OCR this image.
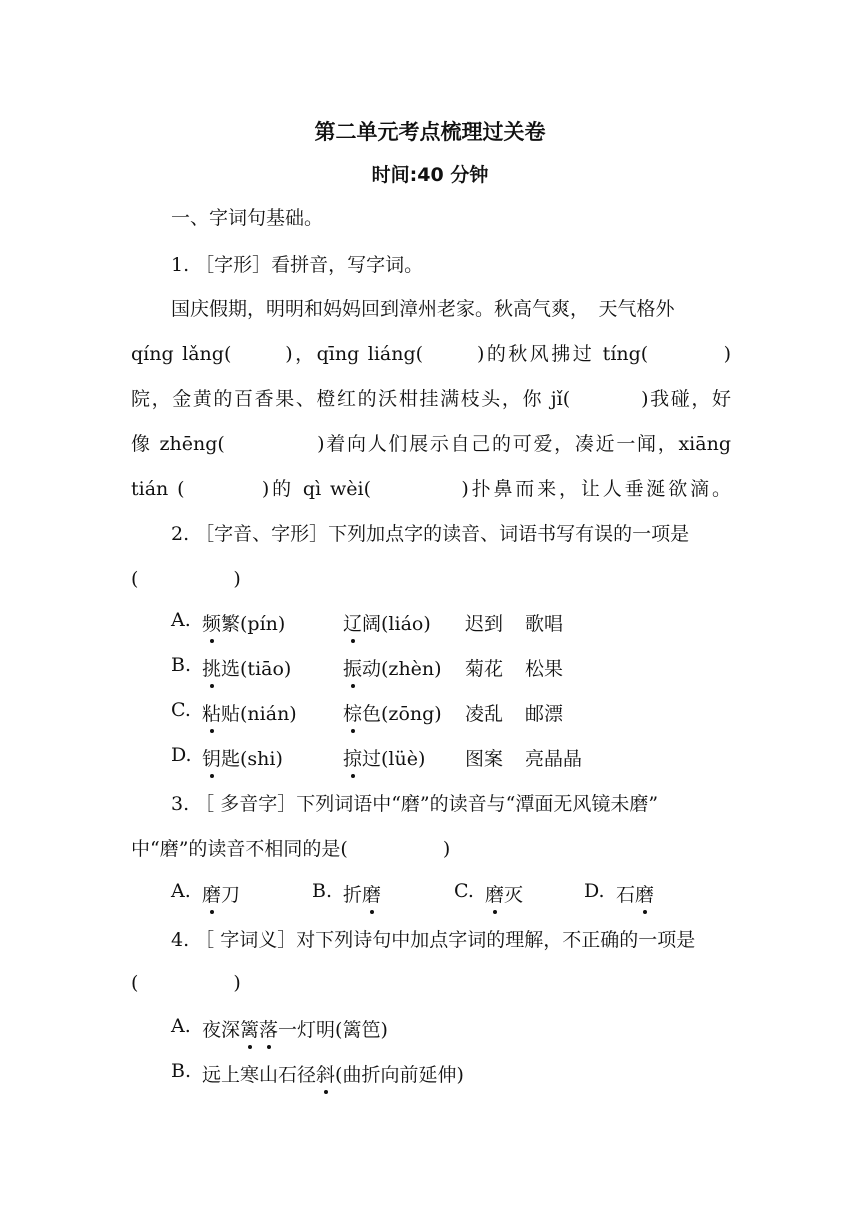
第二单元考点梳理过关卷
时间:40 分钟
一、字词句基础。
1. ［字形］看拼音，写字词。
国庆假期，明明和妈妈回到漳州老家。秋高气爽，　天气格外
qíng lǎng(　　 )，qīng liáng(　　 )的秋风拂过 tíng(　　　 )
院，金黄的百香果、橙红的沃柑挂满枝头，你 jǐ(　　　 )我碰，好
像 zhēng(　　　　 )着向人们展示自己的可爱，凑近一闻，xiāng
tián (　　　 )的 qì wèi(　　　　)扑鼻而来，让人垂涎欲滴。
2. ［字音、字形］下列加点字的读音、词语书写有误的一项是
(　　　　　)
A. 频繁(pín)	辽阔(liáo) 迟到 歌唱
B. 挑选(tiāo)	振动(zhèn) 菊花 松果
C. 粘贴(nián) 棕色(zōng) 凌乱 邮漂
D. 钥匙(shi)	掠过(lüè) 图案 亮晶晶
3. ［ 多音字］下列词语中“磨”的读音与“潭面无风镜未磨”
中“磨”的读音不相同的是(　　　　　)
A. 磨刀	B. 折磨	C. 磨灭	D. 石磨
4. ［ 字词义］对下列诗句中加点字词的理解，不正确的一项是
(　　　　　)
A. 夜深篱落一灯明(篱笆)
B. 远上寒山石径斜(曲折向前延伸)
